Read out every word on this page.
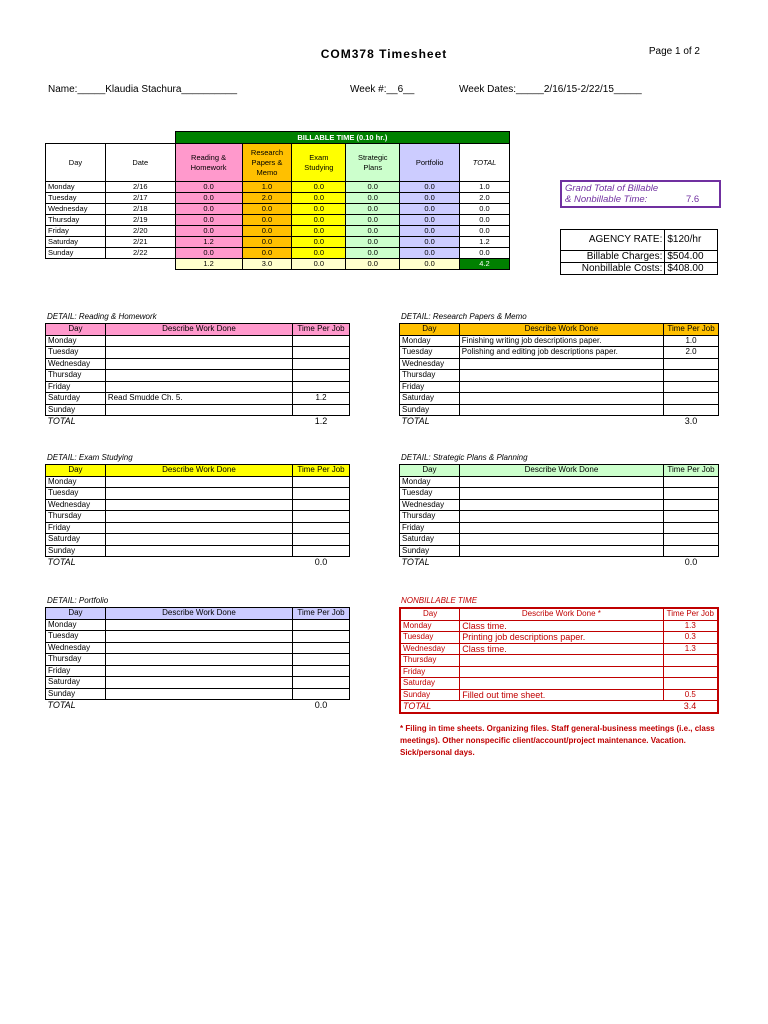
COM378 Timesheet	Page 1 of 2
Name:_____Klaudia Stachura__________	Week #:__6__	Week Dates:_____2/16/15-2/22/15_____
		BILLABLE TIME (0.10 hr.)					
Day	Date	Reading & Homework	Research Papers & Memo	Exam Studying	Strategic Plans	Portfolio	TOTAL
Monday	2/16	0.0	1.0	0.0	0.0	0.0	1.0
Tuesday	2/17	0.0	2.0	0.0	0.0	0.0	2.0
Wednesday	2/18	0.0	0.0	0.0	0.0	0.0	0.0
Thursday	2/19	0.0	0.0	0.0	0.0	0.0	0.0
Friday	2/20	0.0	0.0	0.0	0.0	0.0	0.0
Saturday	2/21	1.2	0.0	0.0	0.0	0.0	1.2
Sunday	2/22	0.0	0.0	0.0	0.0	0.0	0.0
		1.2	3.0	0.0	0.0	0.0	4.2
Grand Total of Billable
& Nonbillable Time:	7.6
AGENCY RATE:	$120/hr
Billable Charges:	$504.00
Nonbillable Costs:	$408.00
DETAIL: Reading & Homework
Day	Describe Work Done	Time Per Job
Monday		
Tuesday		
Wednesday		
Thursday		
Friday		
Saturday	Read Smudde Ch. 5.	1.2
Sunday		
TOTAL		1.2
DETAIL: Research Papers & Memo
Day	Describe Work Done	Time Per Job
Monday	Finishing writing job descriptions paper.	1.0
Tuesday	Polishing and editing job descriptions paper.	2.0
Wednesday		
Thursday		
Friday		
Saturday		
Sunday		
TOTAL		3.0
DETAIL: Exam Studying
Day	Describe Work Done	Time Per Job
Monday		
Tuesday		
Wednesday		
Thursday		
Friday		
Saturday		
Sunday		
TOTAL		0.0
DETAIL: Strategic Plans & Planning
Day	Describe Work Done	Time Per Job
Monday		
Tuesday		
Wednesday		
Thursday		
Friday		
Saturday		
Sunday		
TOTAL		0.0
DETAIL: Portfolio
Day	Describe Work Done	Time Per Job
Monday		
Tuesday		
Wednesday		
Thursday		
Friday		
Saturday		
Sunday		
TOTAL		0.0
NONBILLABLE TIME
Day	Describe Work Done *	Time Per Job
Monday	Class time.	1.3
Tuesday	Printing job descriptions paper.	0.3
Wednesday	Class time.	1.3
Thursday		
Friday		
Saturday		
Sunday	Filled out time sheet.	0.5
TOTAL		3.4
* Filing in time sheets. Organizing files. Staff general-business meetings (i.e., class meetings). Other nonspecific client/account/project maintenance. Vacation. Sick/personal days.
